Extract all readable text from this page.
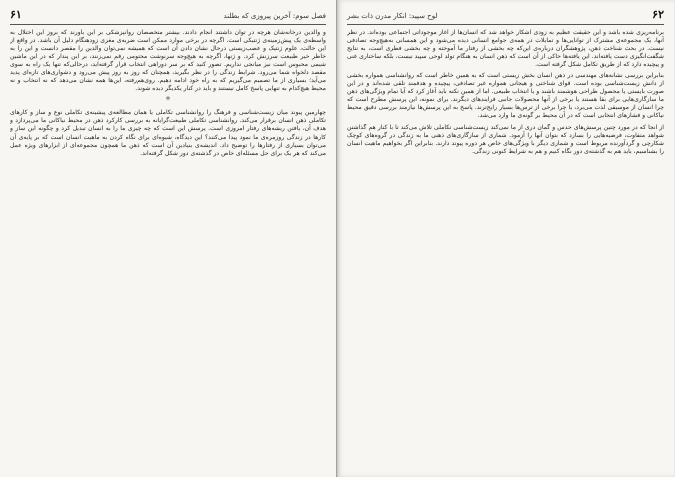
فصل سوم: آخرین پیروزی که بطلند
۶۱

و والدین درخانه‌شان هرچه در توان داشتند انجام دادند. بیشتر متخصصان روانپزشکی بر این باورند که بروز این اختلال به واسطه‌ی یک پیش‌زمینه‌ی ژنتیکی است. اگرچه در برخی موارد ممکن است ضربه‌ی مغزی زودهنگام دلیل آن باشد. در واقع از این حالت، علوم ژنتیک و عصب‌زیستی درحال نشان دادن آن است که همیشه نمی‌توان والدین را مقصر دانست و این را به خاطر خیر طبیعت سرزنش کرد. و ژنها، اگرچه به هیچ‌وجه سرنوشت محتومی رقم نمی‌زنند، بر این پندار که در این ماشین شیمی محبوس است نیز میانجی نداریم. تصور کنید که بر سر دوراهی انتخاب قرار گرفته‌اید، درحالی‌که تنها یک راه به سوی مقصد دلخواه شما می‌رود. شرایط زندگی را در نظر بگیرید، همچنان که روز به روز پیش می‌رود و دشواری‌های تازه‌ای پدید می‌آید؛ بسیاری از ما تصمیم می‌گیریم که به راه خود ادامه دهیم. روی‌هم‌رفته، این‌ها همه نشان می‌دهد که نه انتخاب و نه محیط هیچ‌کدام به تنهایی پاسخ کامل نیستند و باید در کنار یکدیگر دیده شوند.

*

چهارمین پیوند میان زیست‌شناسی و فرهنگ را روانشناسی تکاملی یا همان مطالعه‌ی پیشینه‌ی تکاملی نوع و ساز و کارهای تکاملی ذهن انسان برقرار می‌کند. روانشناسی تکاملی طبیعت‌گرایانه به بررسی کارکرد ذهن در محیط نیاکانی ما می‌پردازد و هدف آن، یافتن ریشه‌های رفتار امروزی است. پرسش این است که چه چیزی ما را به انسان تبدیل کرد و چگونه این ساز و کارها در زندگی روزمره‌ی ما نمود پیدا می‌کنند؟ این دیدگاه، شیوه‌ای برای نگاه کردن به ماهیت انسان است که بر پایه‌ی آن می‌توان بسیاری از رفتارها را توضیح داد. اندیشه‌ی بنیادین آن است که ذهن ما همچون مجموعه‌ای از ابزارهای ویژه عمل می‌کند که هر یک برای حل مسئله‌ای خاص در گذشته‌ی دور شکل گرفته‌اند.

۶۲
لوح سپید: انکار مدرن ذات بشر

برنامه‌ریزی شده باشد و این حقیقت عظیم به زودی آشکار خواهد شد که انسان‌ها از آغاز موجوداتی اجتماعی بوده‌اند. در نظر آنها، یک مجموعه‌ی مشترک از توانایی‌ها و تمایلات در همه‌ی جوامع انسانی دیده می‌شود و این همسانی به‌هیچ‌وجه تصادفی نیست. در بحث شناخت ذهن، پژوهشگران درباره‌ی این‌که چه بخشی از رفتار ما آموخته و چه بخشی فطری است، به نتایج شگفت‌انگیزی دست یافته‌اند. این یافته‌ها حاکی از آن است که ذهن انسان به هنگام تولد لوحی سپید نیست، بلکه ساختاری غنی و پیچیده دارد که از طریق تکامل شکل گرفته است.

بنابراین بررسی نشانه‌های مهندسی در ذهن انسان بخش زیستی است که به همین خاطر است که روانشناسی همواره بخشی از دانش زیست‌شناسی بوده است. قوای شناختی و هیجانی همواره غیر تصادفی، پیچیده و هدفمند تلقی شده‌اند و در این صورت بایستی یا محصول طراحی هوشمند باشند و یا انتخاب طبیعی. اما از همین نکته باید آغاز کرد که آیا تمام ویژگی‌های ذهن ما سازگاری‌هایی برای بقا هستند یا برخی از آنها محصولات جانبی فرایندهای دیگرند. برای نمونه، این پرسش مطرح است که چرا انسان از موسیقی لذت می‌برد، یا چرا برخی از ترس‌ها بسیار رایج‌ترند. پاسخ به این پرسش‌ها نیازمند بررسی دقیق محیط نیاکانی و فشارهای انتخابی است که در آن محیط بر گونه‌ی ما وارد می‌شد.

از آنجا که در مورد چنین پرسش‌های حدس و گمان دری از ما نمی‌کند زیست‌شناسی تکاملی تلاش می‌کند تا با کنار هم گذاشتن شواهد متفاوت، فرضیه‌هایی را بسازد که بتوان آنها را آزمود. شماری از سازگاری‌های ذهنی ما به زندگی در گروه‌های کوچک شکارچی و گردآورنده مربوط است و شماری دیگر با ویژگی‌های خاص هر دوره پیوند دارند. بنابراین اگر بخواهیم ماهیت انسان را بشناسیم، باید هم به گذشته‌ی دور نگاه کنیم و هم به شرایط کنونی زندگی.
